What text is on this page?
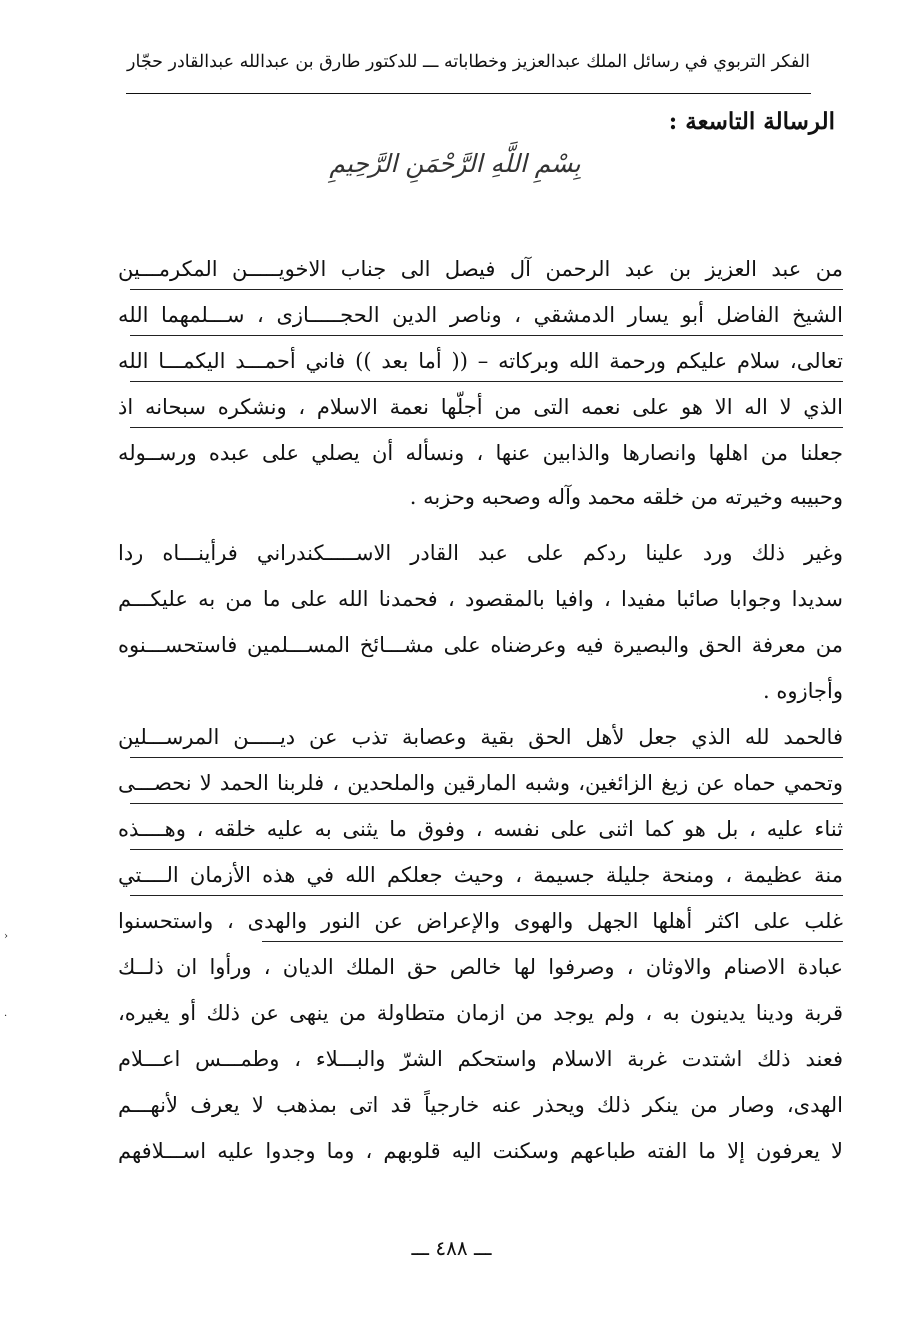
الفكر التربوي في رسائل الملك عبدالعزيز وخطاباته ـــ للدكتور طارق بن عبدالله عبدالقادر حجّار
الرسالة التاسعة :
بِسْمِ اللَّهِ الرَّحْمَنِ الرَّحِيمِ
من عبد العزيز بن عبد الرحمن آل فيصل الى جناب الاخويـــــن المكرمـــين
الشيخ الفاضل أبو يسار الدمشقي ، وناصر الدين الحجـــــازى ، ســـلمهما الله
تعالى، سلام عليكم ورحمة الله وبركاته – (( أما بعد )) فاني أحمـــد اليكمـــا الله
الذي لا اله الا هو على نعمه التى من أجلّها نعمة الاسلام ، ونشكره سبحانه اذ
جعلنا من اهلها وانصارها والذابين عنها ، ونسأله أن يصلي على عبده ورســوله
وحبيبه وخيرته من خلقه محمد وآله وصحبه وحزبه .
وغير ذلك ورد علينا ردكم على عبد القادر الاســـــكندراني فرأينـــاه ردا
سديدا وجوابا صائبا مفيدا ، وافيا بالمقصود ، فحمدنا الله على ما من به عليكـــم
من معرفة الحق والبصيرة فيه وعرضناه على مشـــائخ المســـلمين فاستحســـنوه
وأجازوه .
فالحمد لله الذي جعل لأهل الحق بقية وعصابة تذب عن ديـــــن المرســـلين
وتحمي حماه عن زيغ الزائغين، وشبه المارقين والملحدين ، فلربنا الحمد لا نحصـــى
ثناء عليه ، بل هو كما اثنى على نفسه ، وفوق ما يثنى به عليه خلقه ، وهــــذه
منة عظيمة ، ومنحة جليلة جسيمة ، وحيث جعلكم الله في هذه الأزمان الــــتي
غلب على اكثر أهلها الجهل والهوى والإعراض عن النور والهدى ، واستحسنوا
عبادة الاصنام والاوثان ، وصرفوا لها خالص حق الملك الديان ، ورأوا ان ذلــك
قربة ودينا يدينون به ، ولم يوجد من ازمان متطاولة من ينهى عن ذلك أو يغيره،
فعند ذلك اشتدت غربة الاسلام واستحكم الشرّ والبـــلاء ، وطمـــس اعـــلام
الهدى، وصار من ينكر ذلك ويحذر عنه خارجياً قد اتى بمذهب لا يعرف لأنهـــم
لا يعرفون إلا ما الفته طباعهم وسكنت اليه قلوبهم ، وما وجدوا عليه اســـلافهم
ـــ ٤٨٨ ـــ
‹
·
